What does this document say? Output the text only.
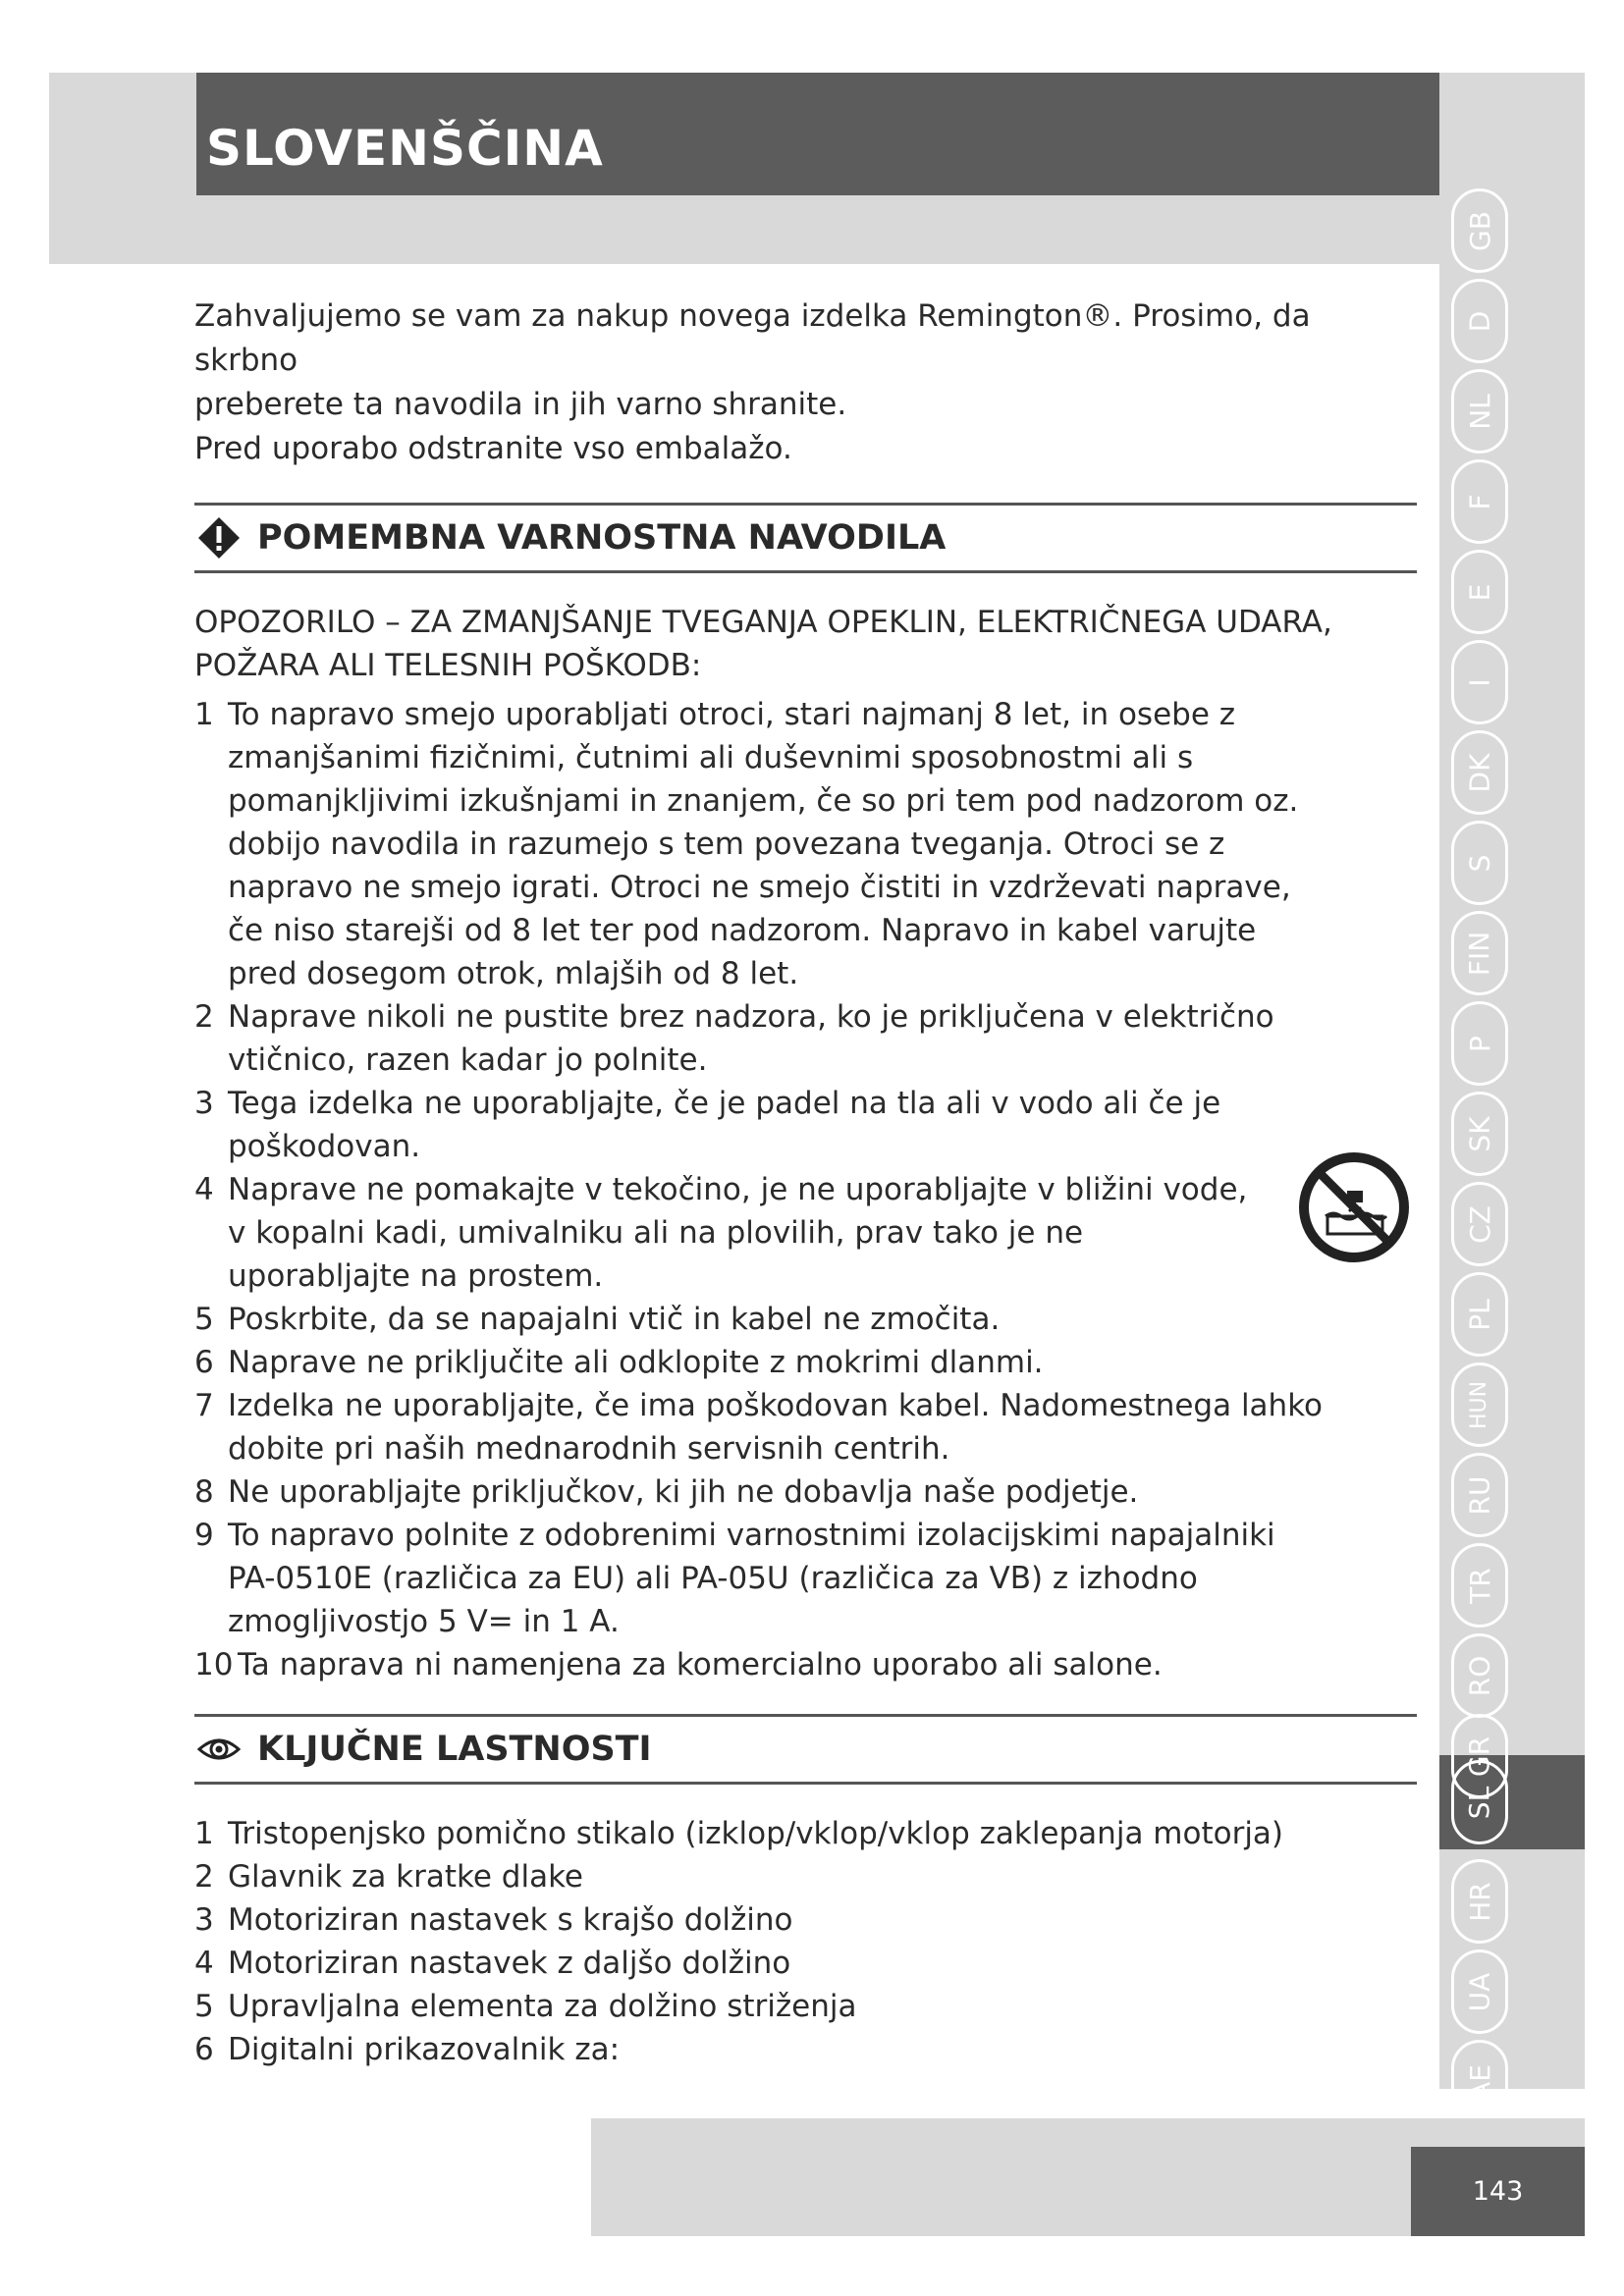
SLOVENŠČINA
GB
D
NL
F
E
I
DK
S
FIN
P
SK
CZ
PL
HUN
RU
TR
RO
GR
SL
HR
UA
AE

Zahvaljujemo se vam za nakup novega izdelka Remington®. Prosimo, da skrbno

preberete ta navodila in jih varno shranite.

Pred uporabo odstranite vso embalažo.

POMEMBNA VARNOSTNA NAVODILA
OPOZORILO – ZA ZMANJŠANJE TVEGANJA OPEKLIN, ELEKTRIČNEGA UDARA, POŽARA ALI TELESNIH POŠKODB:
1 To napravo smejo uporabljati otroci, stari najmanj 8 let, in osebe z zmanjšanimi fizičnimi, čutnimi ali duševnimi sposobnostmi ali s pomanjkljivimi izkušnjami in znanjem, če so pri tem pod nadzorom oz. dobijo navodila in razumejo s tem povezana tveganja. Otroci se z napravo ne smejo igrati. Otroci ne smejo čistiti in vzdrževati naprave, če niso starejši od 8 let ter pod nadzorom. Napravo in kabel varujte pred dosegom otrok, mlajših od 8 let.
2 Naprave nikoli ne pustite brez nadzora, ko je priključena v električno vtičnico, razen kadar jo polnite.
3 Tega izdelka ne uporabljajte, če je padel na tla ali v vodo ali če je poškodovan.
4 Naprave ne pomakajte v tekočino, je ne uporabljajte v bližini vode, v kopalni kadi, umivalniku ali na plovilih, prav tako je ne uporabljajte na prostem.
5 Poskrbite, da se napajalni vtič in kabel ne zmočita.
6 Naprave ne priključite ali odklopite z mokrimi dlanmi.
7 Izdelka ne uporabljajte, če ima poškodovan kabel. Nadomestnega lahko dobite pri naših mednarodnih servisnih centrih.
8 Ne uporabljajte priključkov, ki jih ne dobavlja naše podjetje.
9 To napravo polnite z odobrenimi varnostnimi izolacijskimi napajalniki PA-0510E (različica za EU) ali PA-05U (različica za VB) z izhodno zmogljivostjo 5 V= in 1 A.
10 Ta naprava ni namenjena za komercialno uporabo ali salone.
KLJUČNE LASTNOSTI
1 Tristopenjsko pomično stikalo (izklop/vklop/vklop zaklepanja motorja)
2 Glavnik za kratke dlake
3 Motoriziran nastavek s krajšo dolžino
4 Motoriziran nastavek z daljšo dolžino
5 Upravljalna elementa za dolžino striženja
6 Digitalni prikazovalnik za:
143
